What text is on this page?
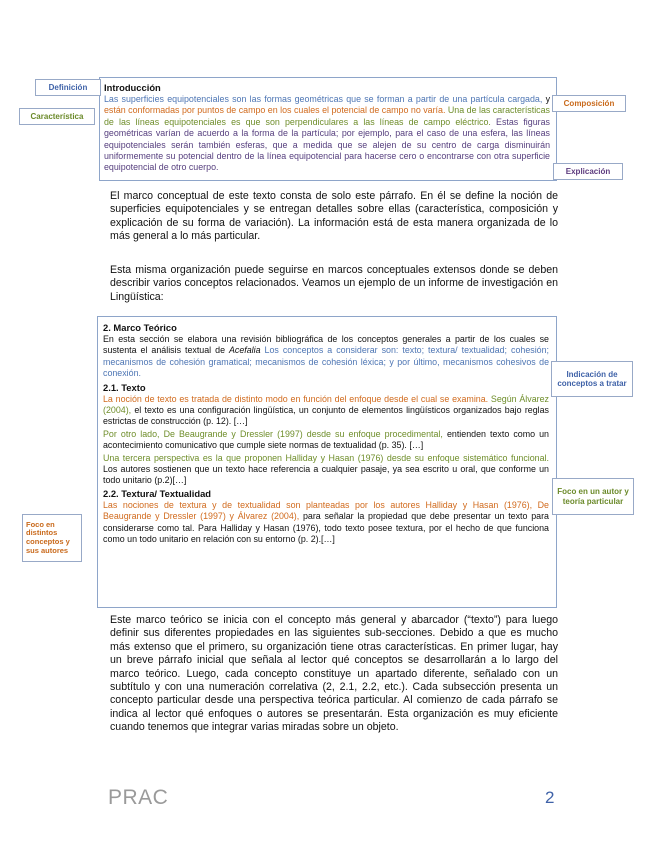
Introducción

Las superficies equipotenciales son las formas geométricas que se forman a partir de una partícula cargada, y están conformadas por puntos de campo en los cuales el potencial de campo no varía. Una de las características de las líneas equipotenciales es que son perpendiculares a las líneas de campo eléctrico. Estas figuras geométricas varían de acuerdo a la forma de la partícula; por ejemplo, para el caso de una esfera, las líneas equipotenciales serán también esferas, que a medida que se alejen de su centro de carga disminuirán uniformemente su potencial dentro de la línea equipotencial para hacerse cero o encontrarse con otra superficie equipotencial de otro cuerpo.

Definición
Característica
Composición
Explicación

El marco conceptual de este texto consta de solo este párrafo. En él se define la noción de superficies equipotenciales y se entregan detalles sobre ellas (característica, composición y explicación de su forma de variación). La información está de esta manera organizada de lo más general a lo más particular.

Esta misma organización puede seguirse en marcos conceptuales extensos donde se deben describir varios conceptos relacionados. Veamos un ejemplo de un informe de investigación en Lingüística:

2. Marco Teórico

En esta sección se elabora una revisión bibliográfica de los conceptos generales a partir de los cuales se sustenta el análisis textual de Acefalia Los conceptos a considerar son: texto; textura/ textualidad; cohesión; mecanismos de cohesión gramatical; mecanismos de cohesión léxica; y por último, mecanismos cohesivos de conexión.

2.1. Texto

La noción de texto es tratada de distinto modo en función del enfoque desde el cual se examina. Según Álvarez (2004), el texto es una configuración lingüística, un conjunto de elementos lingüísticos organizados bajo reglas estrictas de construcción (p. 12). […]

Por otro lado, De Beaugrande y Dressler (1997) desde su enfoque procedimental, entienden texto como un acontecimiento comunicativo que cumple siete normas de textualidad (p. 35). […]

Una tercera perspectiva es la que proponen Halliday y Hasan (1976) desde su enfoque sistemático funcional. Los autores sostienen que un texto hace referencia a cualquier pasaje, ya sea escrito u oral, que conforme un todo unitario (p.2)[…]

2.2. Textura/ Textualidad

Las nociones de textura y de textualidad son planteadas por los autores Halliday y Hasan (1976), De Beaugrande y Dressler (1997) y Álvarez (2004), para señalar la propiedad que debe presentar un texto para considerarse como tal. Para Halliday y Hasan (1976), todo texto posee textura, por el hecho de que funciona como un todo unitario en relación con su entorno (p. 2).[…]

Indicación de conceptos a tratar
Foco en un autor y teoría particular
Foco en distintos conceptos y sus autores

Este marco teórico se inicia con el concepto más general y abarcador (“texto”) para luego definir sus diferentes propiedades en las siguientes sub-secciones. Debido a que es mucho más extenso que el primero, su organización tiene otras características. En primer lugar, hay un breve párrafo inicial que señala al lector qué conceptos se desarrollarán a lo largo del marco teórico. Luego, cada concepto constituye un apartado diferente, señalado con un subtítulo y con una numeración correlativa (2, 2.1, 2.2, etc.). Cada subsección presenta un concepto particular desde una perspectiva teórica particular. Al comienzo de cada párrafo se indica al lector qué enfoques o autores se presentarán. Esta organización es muy eficiente cuando tenemos que integrar varias miradas sobre un objeto.

PRAC	2
